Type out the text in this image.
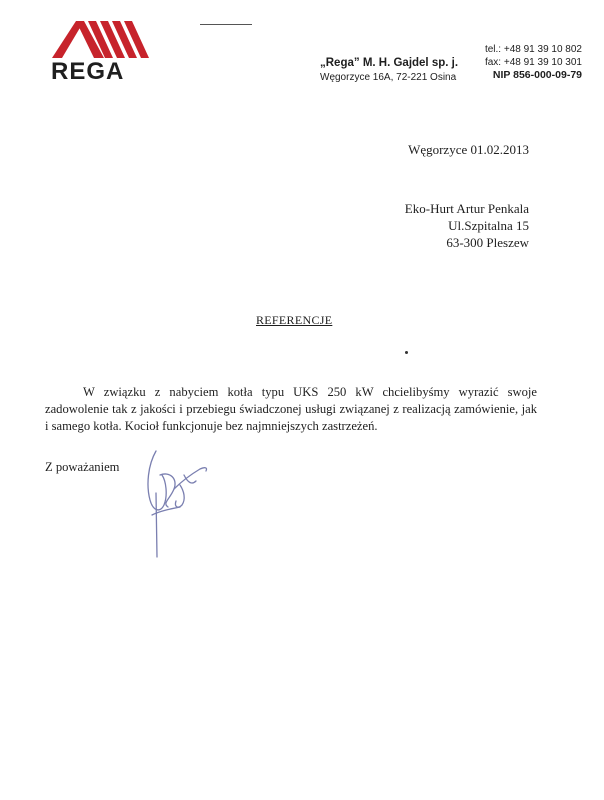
REGA	„Rega” M. H. Gajdel sp. j.
Węgorzyce 16A, 72-221 Osina
tel.: +48 91 39 10 802
fax: +48 91 39 10 301
NIP 856-000-09-79
Węgorzyce 01.02.2013
Eko-Hurt Artur Penkala
Ul.Szpitalna 15
63-300 Pleszew
REFERENCJE
W związku z nabyciem kotła typu UKS 250 kW chcielibyśmy wyrazić swoje zadowolenie tak z jakości i przebiegu świadczonej usługi związanej z realizacją zamówienie, jak i samego kotła. Kocioł funkcjonuje bez najmniejszych zastrzeżeń.
Z poważaniem
